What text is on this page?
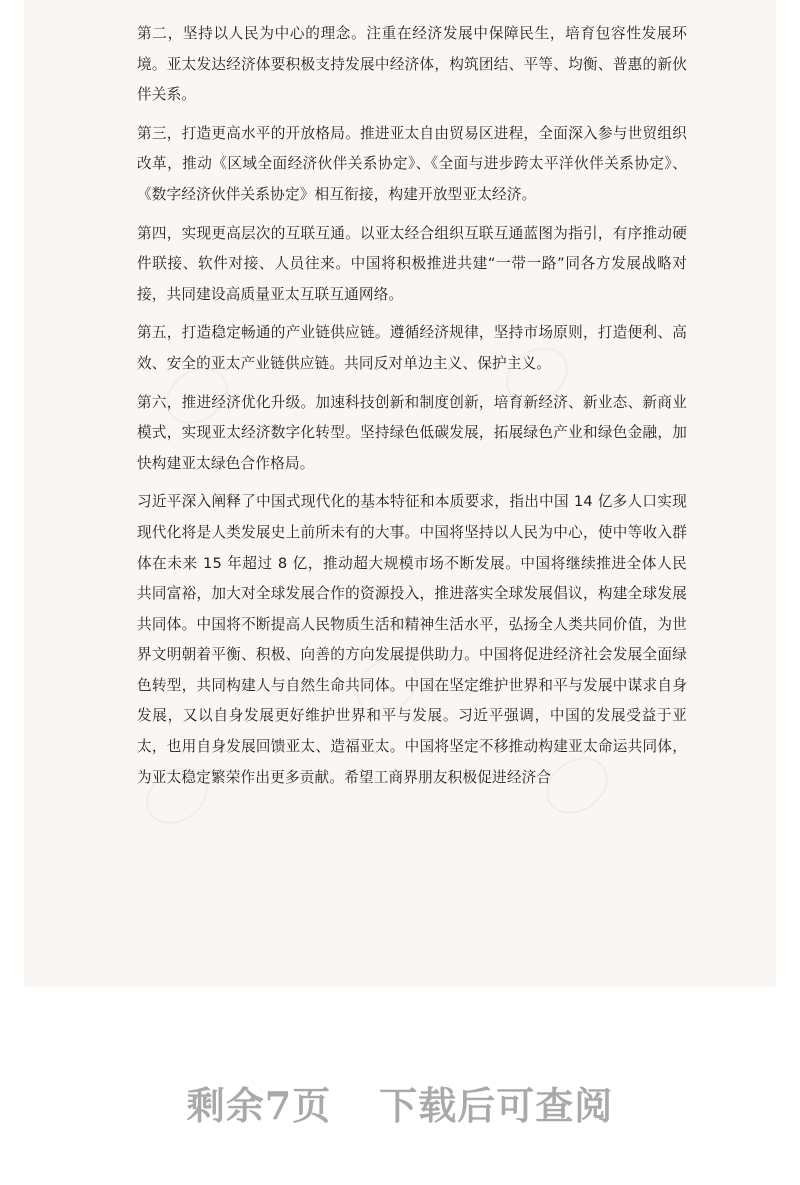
第二，坚持以人民为中心的理念。注重在经济发展中保障民生，培育包容性发展环境。亚太发达经济体要积极支持发展中经济体，构筑团结、平等、均衡、普惠的新伙伴关系。

第三，打造更高水平的开放格局。推进亚太自由贸易区进程，全面深入参与世贸组织改革，推动《区域全面经济伙伴关系协定》、《全面与进步跨太平洋伙伴关系协定》、《数字经济伙伴关系协定》相互衔接，构建开放型亚太经济。

第四，实现更高层次的互联互通。以亚太经合组织互联互通蓝图为指引，有序推动硬件联接、软件对接、人员往来。中国将积极推进共建“一带一路”同各方发展战略对接，共同建设高质量亚太互联互通网络。

第五，打造稳定畅通的产业链供应链。遵循经济规律，坚持市场原则，打造便利、高效、安全的亚太产业链供应链。共同反对单边主义、保护主义。

第六，推进经济优化升级。加速科技创新和制度创新，培育新经济、新业态、新商业模式，实现亚太经济数字化转型。坚持绿色低碳发展，拓展绿色产业和绿色金融，加快构建亚太绿色合作格局。

习近平深入阐释了中国式现代化的基本特征和本质要求，指出中国 14 亿多人口实现现代化将是人类发展史上前所未有的大事。中国将坚持以人民为中心，使中等收入群体在未来 15 年超过 8 亿，推动超大规模市场不断发展。中国将继续推进全体人民共同富裕，加大对全球发展合作的资源投入，推进落实全球发展倡议，构建全球发展共同体。中国将不断提高人民物质生活和精神生活水平，弘扬全人类共同价值，为世界文明朝着平衡、积极、向善的方向发展提供助力。中国将促进经济社会发展全面绿色转型，共同构建人与自然生命共同体。中国在坚定维护世界和平与发展中谋求自身发展，又以自身发展更好维护世界和平与发展。习近平强调，中国的发展受益于亚太，也用自身发展回馈亚太、造福亚太。中国将坚定不移推动构建亚太命运共同体，为亚太稳定繁荣作出更多贡献。希望工商界朋友积极促进经济合

剩余7页 下载后可查阅
